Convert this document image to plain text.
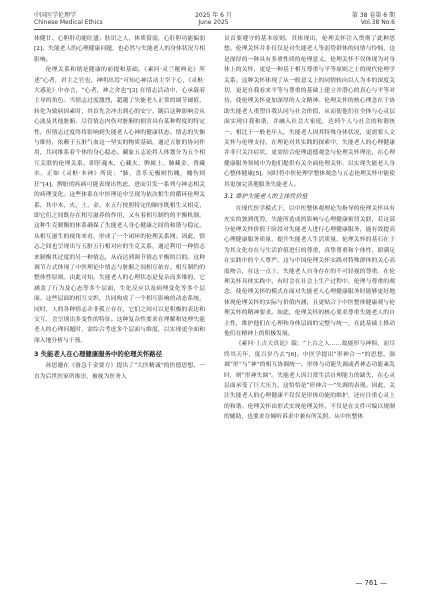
中国医学伦理学
Chinese Medical Ethics
2025 年 6 月
June 2025
第 38 卷第 6 期
Vol.38 No.6

体健甘、心胆肝功能旺盛；肤识之人，体质留弱，心肝胆功能偏弱[2]。失能老人的心理健康问题，也必然与失能老人的身体状况互相影响。

伦理关系和谐是健康的前提和基础。《素问·灵兰秘典论》所述“心者，君主之官也，神明出焉”可知心神活动主宰于心，《灵枢·大惑论》中亦言，“心者，神之舍也”[3] 在情志活动中，心承载着主导的角色。当情志过度激烈，超越了失能老人正常的调节阈值，转化为致病因素时，其首先会冲击到心的安宁。随后这种影响会从心波及其他脏腑。尽管情志内伤对脏腑的损害具有某种程度的特定性，但情志过度终将影响到失能老人心神的健康状态。情志的失衡与维持，依赖于五脏气血这一坚实的物质基础，通过五脏的协同作用，共同维系着个体的身心稳态。藏象五志论将人体划分为五个相互关联的伦理关系，即肝魂木、心藏火、脾属土、肺藏金、肾藏水。正如《灵枢·本神》所说：“肺，喜乐无极则伤魄，魄伤则狂”[4]。脾脏的疾病可能表现出焦虑，进而引发一系列与神志相关的病理变化。这些体系在中医理论中呈现为依次相生的循环伦理关系，其中木、火、土、金、水五行按照特定的顺序既相生又相克，即它们之间既存在相互滋养的作用，又有着相互制约的平衡机制。这种生克制衡的体系确保了失能老人身心健康之间的和谐与稳定。从相互滋生的视角来看，形成了一个闭环的伦理关系网。因此，情志之间也呈现出与五脏五行相对应的生克关系，通过利用一种情志来制衡其过度的另一种情志，从而达到调节情志平衡的目的。这种调节方式体现了中医理论中情志与脏腑之间相互依存、相互制约的整体性原则。由此可知，失能老人的心理状态是复杂而多维的，它涵盖了行为及心态等多个层面，生化反应以及病理变化等多个层面。这些层面的相互交织，共同构成了一个相互影响的动态系统。同时，人的各种情志并非孤立存在，它们之间可以是积极的表达和交互，会呈现出多变性的特征。这种复杂性要求在理解和处理失能老人的心理问题时，需综合考虑多个层面与维度，以实现更全面和深入地分析与干预。

3 失能老人在心理健康服务中的伦理关怀路径

孙思邈在《备急千金要方》提出了“大医精诚”的医德思想，一直为后世医家所推崇，被视为医务人

员首要遵守的基本原则。其体现出，伦理关怀注入贯彻了此种思想。伦理关怀并非仅仅是对失能老人等弱势群体的同情与怜悯，这是深厚的一种具有多重性质的伦理意义。伦理关怀不仅体现为对身体上的关怀，更是一种基于相互尊重与平等原则之上的现代伦理学关系。这种关怀体现了从一般意义上的同情转向以人为本的深度关切，更是在我看来平等与尊重的基础上建立并潜心的真心与平等对待，使伦理关怀更加深厚的人文精神。伦理关怀的核心理念在于协助失能老人重塑自我认同与社会价值，从而使他们在全体与心灵层面实现自我和谐，并融入社会大家庭，达到个人与社会的和谐统一。相比于一般老年人，失能老人因其特殊身体状况，更需要人文关怀与伦理支持。在理论对其实践的探索中，失能老人的心理健康并非只关注症状，更需结合伦理道德观念与伦理关怀理论，在心理健康服务领域中为他们提供有关全面伦理关怀，以实现失能老人身心整体健康[5]。同时将中医伦理学整体观念与五志伦理关怀中能使其更加完善地服务失能老人。

3.1 维护失能老人的主体性价值

在现代医学模式下，以中医整体观理论为指导的伦理关怀具有充实的独到优势。失能所造成的影响与心理健康密切关联，若这部分伦理关怀价值于阶段对失能老人进行心理健康服务，能有效提高心理健康服务质量，提升失能老人生活质量，伦理关怀的基石在于为其文化存在与生活价值进行的尊重，真挚尊重和个体性，即满足在实践中的个人尊严，这与中国伦理关怀实践对特殊群体的关心高度吻合，在这一点上，失能老人自身存在的不可轻视的尊重。在伦理关怀具体实践中，有时会在社会上生产过程中，伦理与尊重的观念，使伦理关怀的模式在面对失能老人心理健康服务时能够更好地体现伦理关怀的实际与价值内涵，且更贴合于中医整体健康观与伦理关怀的精神要求。如此，伦理关怀的核心要求尊重失能老人的自主性，维护他们在心理和身体层面的完整与统一，在此基础上推动他们在精神上的积极发展。

《素问·上古天真论》载：“上古之人……故能形与神俱，而尽终其天年，度百岁乃去”[6]。中医学提出“形神合一”的思想，强调“形”与“神”的相互协调统一。形体与功能失调或者神志功能紊乱时，则“形神失调”。失能老人因日常生活自理能力的缺失，在心灵层面承受了巨大压力，这恰恰是“形神合一”失调的表现。因此，关注失能老人的心理健康不仅仅是形体功能的维护，还应注重心灵上的和谐。伦理关怀由形式实现伦理关怀，不仅是在文件可编以规制的辅助，也要求在倾听诉求中兼有所关照。从中医整体

— 761 —
